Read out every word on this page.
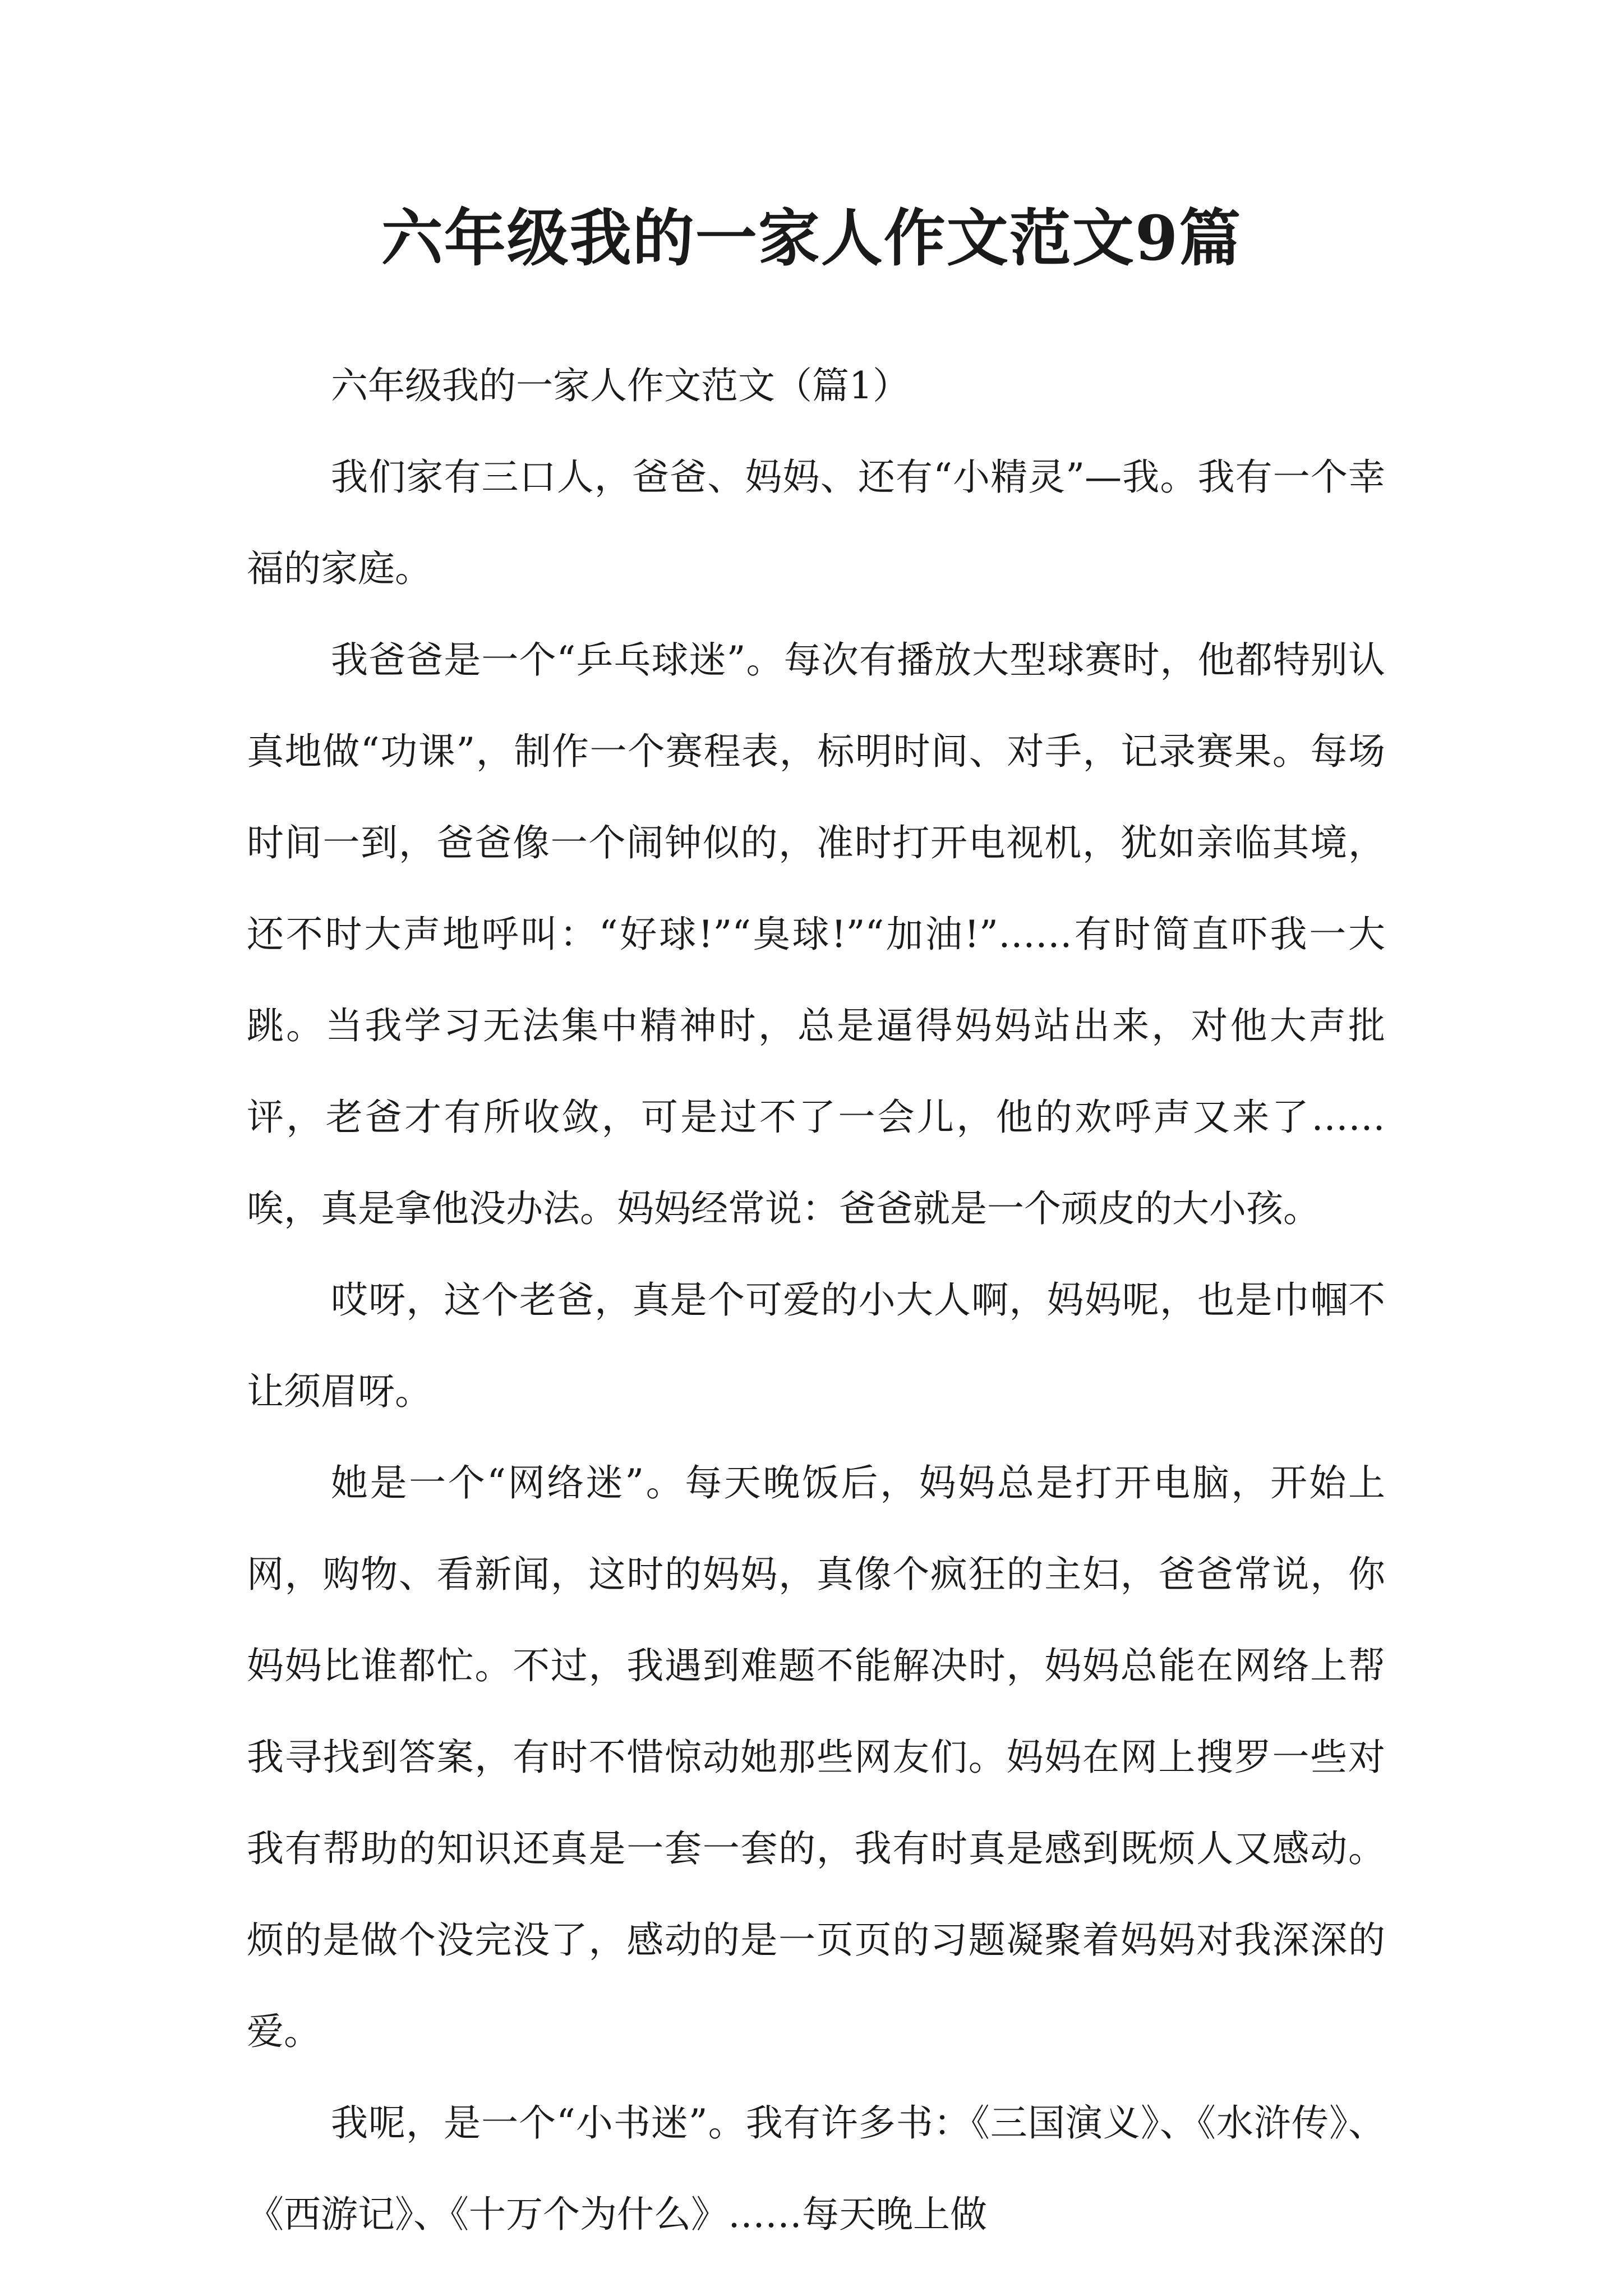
六年级我的一家人作文范文9篇

六年级我的一家人作文范文（篇1）

我们家有三口人，爸爸、妈妈、还有“小精灵”—我。我有一个幸福的家庭。

我爸爸是一个“乒乓球迷”。每次有播放大型球赛时，他都特别认真地做“功课”，制作一个赛程表，标明时间、对手，记录赛果。每场时间一到，爸爸像一个闹钟似的，准时打开电视机，犹如亲临其境，还不时大声地呼叫：“好球!”“臭球!”“加油!”……有时简直吓我一大跳。当我学习无法集中精神时，总是逼得妈妈站出来，对他大声批评，老爸才有所收敛，可是过不了一会儿，他的欢呼声又来了……唉，真是拿他没办法。妈妈经常说：爸爸就是一个顽皮的大小孩。

哎呀，这个老爸，真是个可爱的小大人啊，妈妈呢，也是巾帼不让须眉呀。

她是一个“网络迷”。每天晚饭后，妈妈总是打开电脑，开始上网，购物、看新闻，这时的妈妈，真像个疯狂的主妇，爸爸常说，你妈妈比谁都忙。不过，我遇到难题不能解决时，妈妈总能在网络上帮我寻找到答案，有时不惜惊动她那些网友们。妈妈在网上搜罗一些对我有帮助的知识还真是一套一套的，我有时真是感到既烦人又感动。烦的是做个没完没了，感动的是一页页的习题凝聚着妈妈对我深深的爱。

我呢，是一个“小书迷”。我有许多书：《三国演义》、《水浒传》、《西游记》、《十万个为什么》……每天晚上做
